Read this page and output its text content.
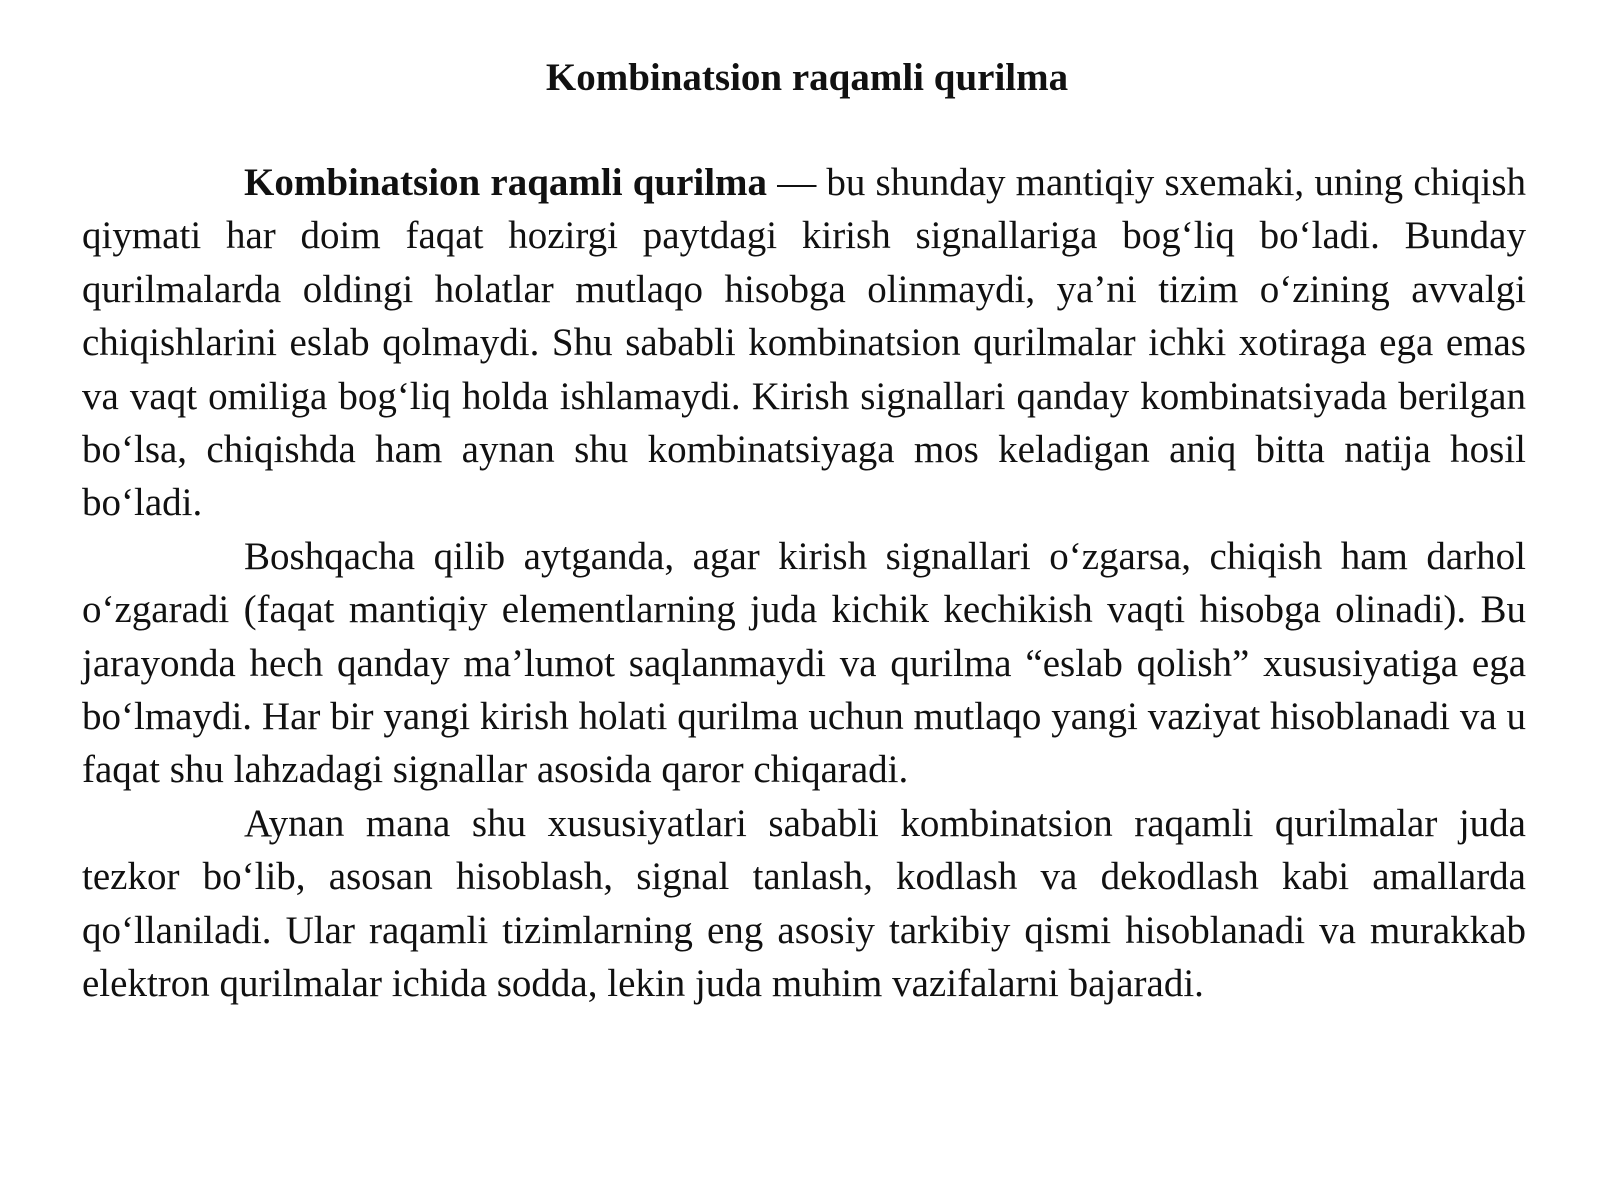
Kombinatsion raqamli qurilma

Kombinatsion raqamli qurilma — bu shunday mantiqiy sxemaki, uning chiqish qiymati har doim faqat hozirgi paytdagi kirish signallariga bog‘liq bo‘ladi. Bunday qurilmalarda oldingi holatlar mutlaqo hisobga olinmaydi, ya’ni tizim o‘zining avvalgi chiqishlarini eslab qolmaydi. Shu sababli kombinatsion qurilmalar ichki xotiraga ega emas va vaqt omiliga bog‘liq holda ishlamaydi. Kirish signallari qanday kombinatsiyada berilgan bo‘lsa, chiqishda ham aynan shu kombinatsiyaga mos keladigan aniq bitta natija hosil bo‘ladi.

Boshqacha qilib aytganda, agar kirish signallari o‘zgarsa, chiqish ham darhol o‘zgaradi (faqat mantiqiy elementlarning juda kichik kechikish vaqti hisobga olinadi). Bu jarayonda hech qanday ma’lumot saqlanmaydi va qurilma “eslab qolish” xususiyatiga ega bo‘lmaydi. Har bir yangi kirish holati qurilma uchun mutlaqo yangi vaziyat hisoblanadi va u faqat shu lahzadagi signallar asosida qaror chiqaradi.

Aynan mana shu xususiyatlari sababli kombinatsion raqamli qurilmalar juda tezkor bo‘lib, asosan hisoblash, signal tanlash, kodlash va dekodlash kabi amallarda qo‘llaniladi. Ular raqamli tizimlarning eng asosiy tarkibiy qismi hisoblanadi va murakkab elektron qurilmalar ichida sodda, lekin juda muhim vazifalarni bajaradi.
